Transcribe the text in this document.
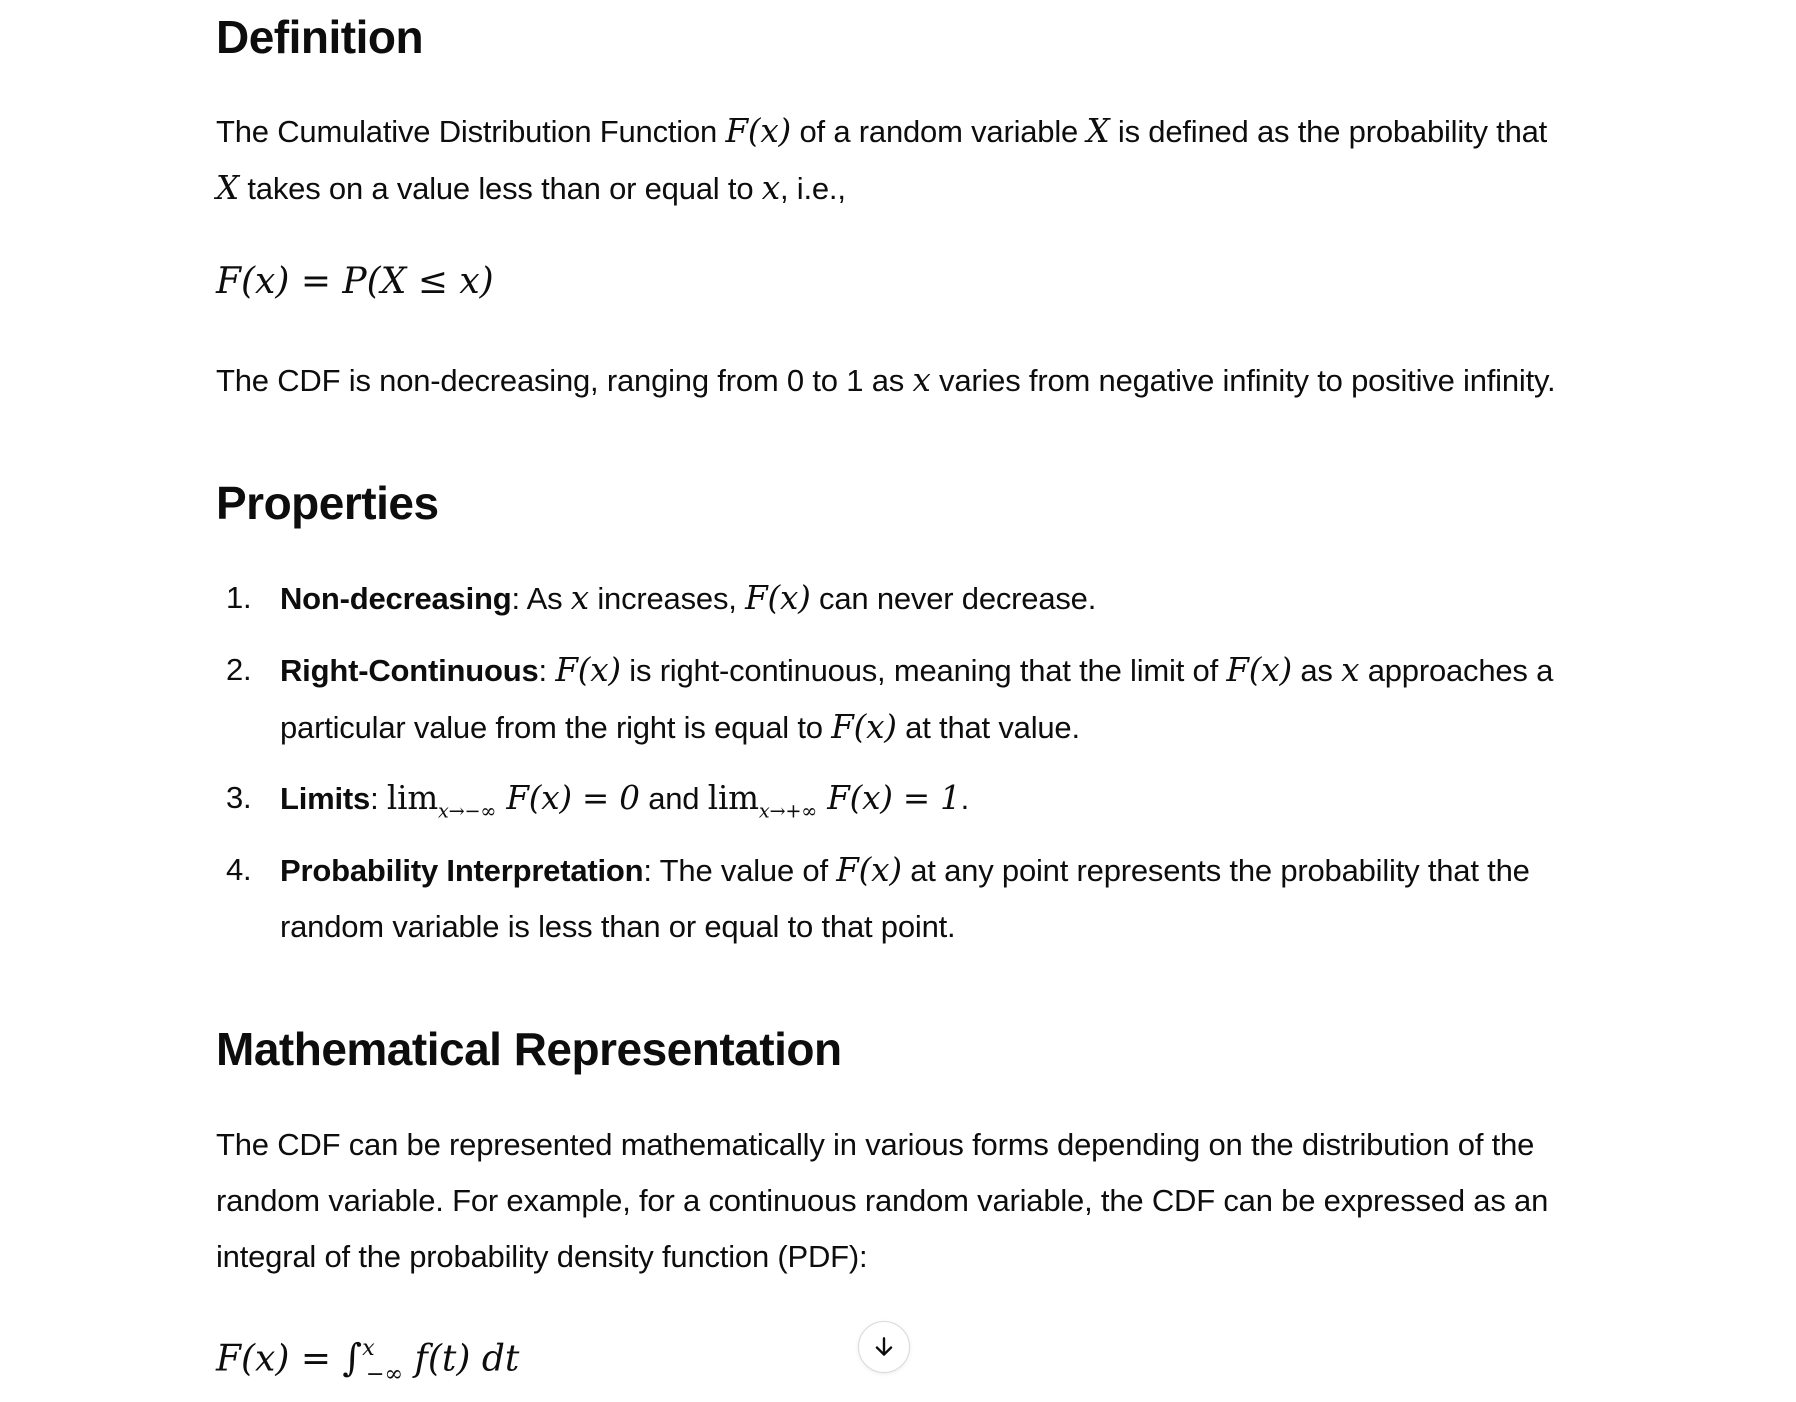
Definition

The Cumulative Distribution Function F(x) of a random variable X is defined as the probability that
X takes on a value less than or equal to x, i.e.,

F(x) = P(X ≤ x)

The CDF is non-decreasing, ranging from 0 to 1 as x varies from negative infinity to positive infinity.

Properties
1. Non-decreasing: As x increases, F(x) can never decrease.
2. Right-Continuous: F(x) is right-continuous, meaning that the limit of F(x) as x approaches a
particular value from the right is equal to F(x) at that value.
3. Limits: $\lim_{x\to-\infty} F(x) = 0$ and $\lim_{x\to+\infty} F(x) = 1$.
4. Probability Interpretation: The value of F(x) at any point represents the probability that the
random variable is less than or equal to that point.
Mathematical Representation

The CDF can be represented mathematically in various forms depending on the distribution of the
random variable. For example, for a continuous random variable, the CDF can be expressed as an
integral of the probability density function (PDF):

F(x) = ∫$^x_{-\infty}$ f(t) dt
